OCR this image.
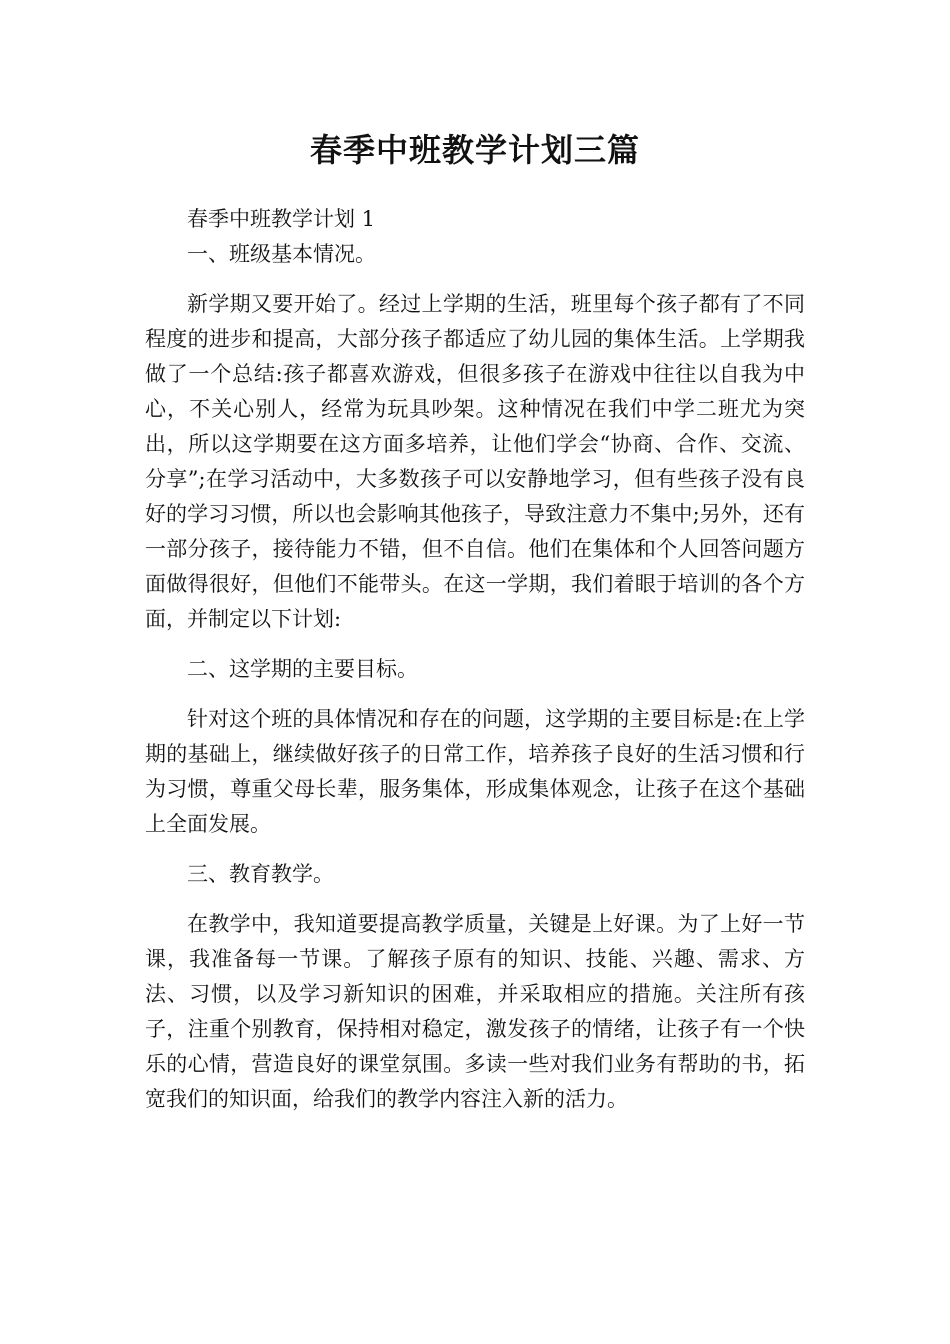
春季中班教学计划三篇

春季中班教学计划 1

一、班级基本情况。

新学期又要开始了。经过上学期的生活，班里每个孩子都有了不同程度的进步和提高，大部分孩子都适应了幼儿园的集体生活。上学期我做了一个总结:孩子都喜欢游戏，但很多孩子在游戏中往往以自我为中心，不关心别人，经常为玩具吵架。这种情况在我们中学二班尤为突出，所以这学期要在这方面多培养，让他们学会“协商、合作、交流、分享”;在学习活动中，大多数孩子可以安静地学习，但有些孩子没有良好的学习习惯，所以也会影响其他孩子，导致注意力不集中;另外，还有一部分孩子，接待能力不错，但不自信。他们在集体和个人回答问题方面做得很好，但他们不能带头。在这一学期，我们着眼于培训的各个方面，并制定以下计划:

二、这学期的主要目标。

针对这个班的具体情况和存在的问题，这学期的主要目标是:在上学期的基础上，继续做好孩子的日常工作，培养孩子良好的生活习惯和行为习惯，尊重父母长辈，服务集体，形成集体观念，让孩子在这个基础上全面发展。

三、教育教学。

在教学中，我知道要提高教学质量，关键是上好课。为了上好一节课，我准备每一节课。了解孩子原有的知识、技能、兴趣、需求、方法、习惯，以及学习新知识的困难，并采取相应的措施。关注所有孩子，注重个别教育，保持相对稳定，激发孩子的情绪，让孩子有一个快乐的心情，营造良好的课堂氛围。多读一些对我们业务有帮助的书，拓宽我们的知识面，给我们的教学内容注入新的活力。
